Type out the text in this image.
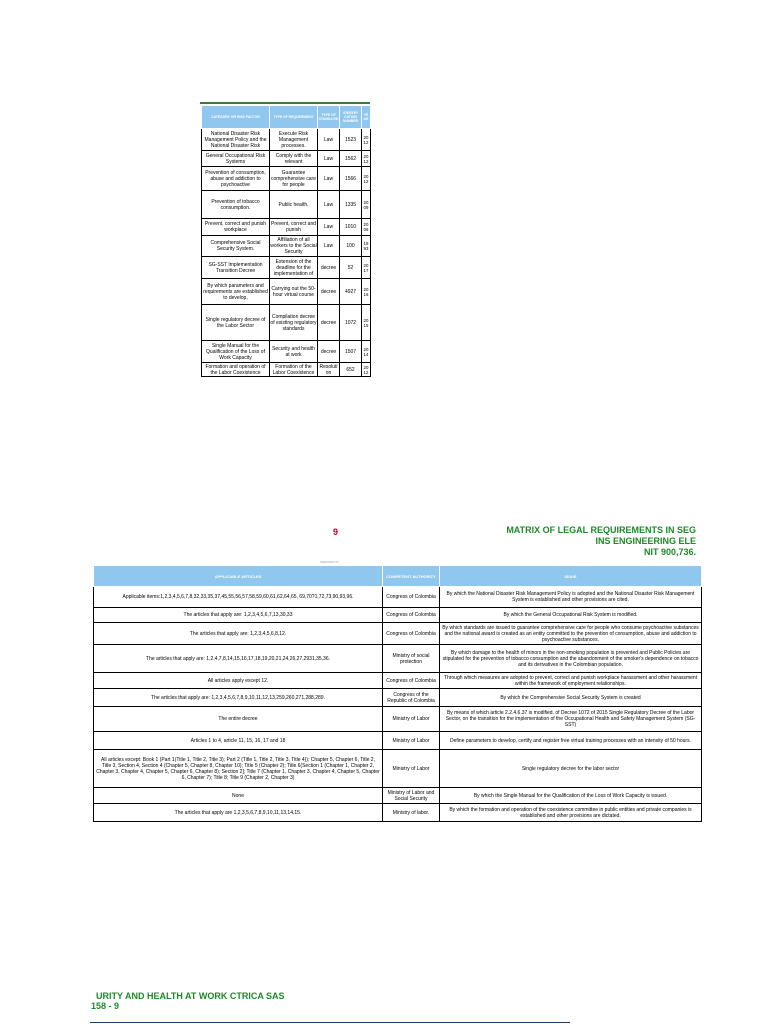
CATEGORY OR RISK FACTOR	TYPE OF REQUIREMENT	TYPE OF STANDA RD	IDENTIFI CATION NUMBER	YE AR
National Disaster Risk Management Policy and the National Disaster Risk	Execute Risk Management processes.	Law	1523	20 12
General Occupational Risk Systems	Comply with the relevant	Law	1562	20 12
Prevention of consumption, abuse and addiction to psychoactive	Guarantee comprehensive care for people	Law	1566	20 12
Prevention of tobacco consumption.	Public health.	Law	1335	20 09
Prevent, correct and punish workplace	Prevent, correct and punish	Law	1010	20 06
Comprehensive Social Security System.	Affiliation of all workers to the Social Security	Law	100	19 93
SG-SST Implementation Transition Decree	Extension of the deadline for the implementation of	decree	52	20 17
By which parameters and requirements are established to develop,	Carrying out the 50-hour virtual course	decree	4927	20 16
Single regulatory decree of the Labor Sector	Compilation decree of existing regulatory standards	decree	1072	20 15
Single Manual for the Qualification of the Loss of Work Capacity	Security and health at work	decree	1507	20 14
Formation and operation of the Labor Coexistence	Formation of the Labor Coexistence	Resoluti on	652	20 12
9	MATRIX OF LEGAL REQUIREMENTS IN SEG
INS ENGINEERING ELE
NIT 900,736.
PERIODICITY
APPLICABLE ARTICLES	COMPETENT AUTHORITY	ISSUE
Applicable items:1,2,3,4,5,6,7,8,32,33,35,37,45,55,56,57,58,59,60,61,62,64,65, 69,70?1,72,73,90,93,96.	Congress of Colombia	By which the National Disaster Risk Management Policy is adopted and the National Disaster Risk Management System is established and other provisions are cited.
The articles that apply are: 1,2,3,4,5,6,7,13,30,33	Congress of Colombia	By which the General Occupational Risk System is modified.
The articles that apply are: 1,2,3,4,5,6,8,12.	Congress of Colombia	By which standards are issued to guarantee comprehensive care for people who consume psychoactive substances and the national award is created as an entity committed to the prevention of consumption, abuse and addiction to psychoactive substances.
The articles that apply are: 1,2,4,7,8,14,15,16,17,18,19,20,21,24,26,27,2931,35,36.	Ministry of social protection	By which damage to the health of minors in the non-smoking population is prevented and Public Policies are stipulated for the prevention of tobacco consumption and the abandonment of the smoker's dependence on tobacco and its derivatives in the Colombian population.
All articles apply except 12.	Congress of Colombia	Through which measures are adopted to prevent, correct and punish workplace harassment and other harassment within the framework of employment relationships.
The articles that apply are: 1,2,3,4,5,6,7,8,9,10,11,12,13,259,260,271,288,289.	Congress of the Republic of Colombia	By which the Comprehensive Social Security System is created
The entire decree	Ministry of Labor	By means of which article 2.2.4.6.37 is modified. of Decree 1072 of 2015 Single Regulatory Decree of the Labor Sector, on the transition for the implementation of the Occupational Health and Safety Management System (SG-SST)
Articles 1 to 4, article 11, 15, 16, 17 and 18	Ministry of Labor	Define parameters to develop, certify and register free virtual training processes with an intensity of 50 hours.
All articles except: Book 1 (Part 1(Title 1, Title 2, Title 3); Part 2 (Title 1, Title 2, Title 3, Title 4)); Chapter 5, Chapter 6, Title 2, Title 3, Section 4, Section 4 (Chapter 5, Chapter 8, Chapter 10); Title 5 (Chapter 2); Title 6(Section 1 (Chapter 1, Chapter 2, Chapter 3, Chapter 4, Chapter 5, Chapter 6, Chapter 8); Section 2]; Title 7 (Chapter 1, Chapter 3, Chapter 4, Chapter 5, Chapter 6, Chapter 7); Title 8; Title 9 (Chapter 2, Chapter 3)	Ministry of Labor	Single regulatory decree for the labor sector
None	Ministry of Labor and Social Security	By which the Single Manual for the Qualification of the Loss of Work Capacity is issued.
The articles that apply are 1,2,3,5,6,7,8,9,10,11,13,14,15.	Ministry of labor.	By which the formation and operation of the coexistence committee in public entities and private companies is established and other provisions are dictated.
URITY AND HEALTH AT WORK CTRICA SAS
158 - 9
